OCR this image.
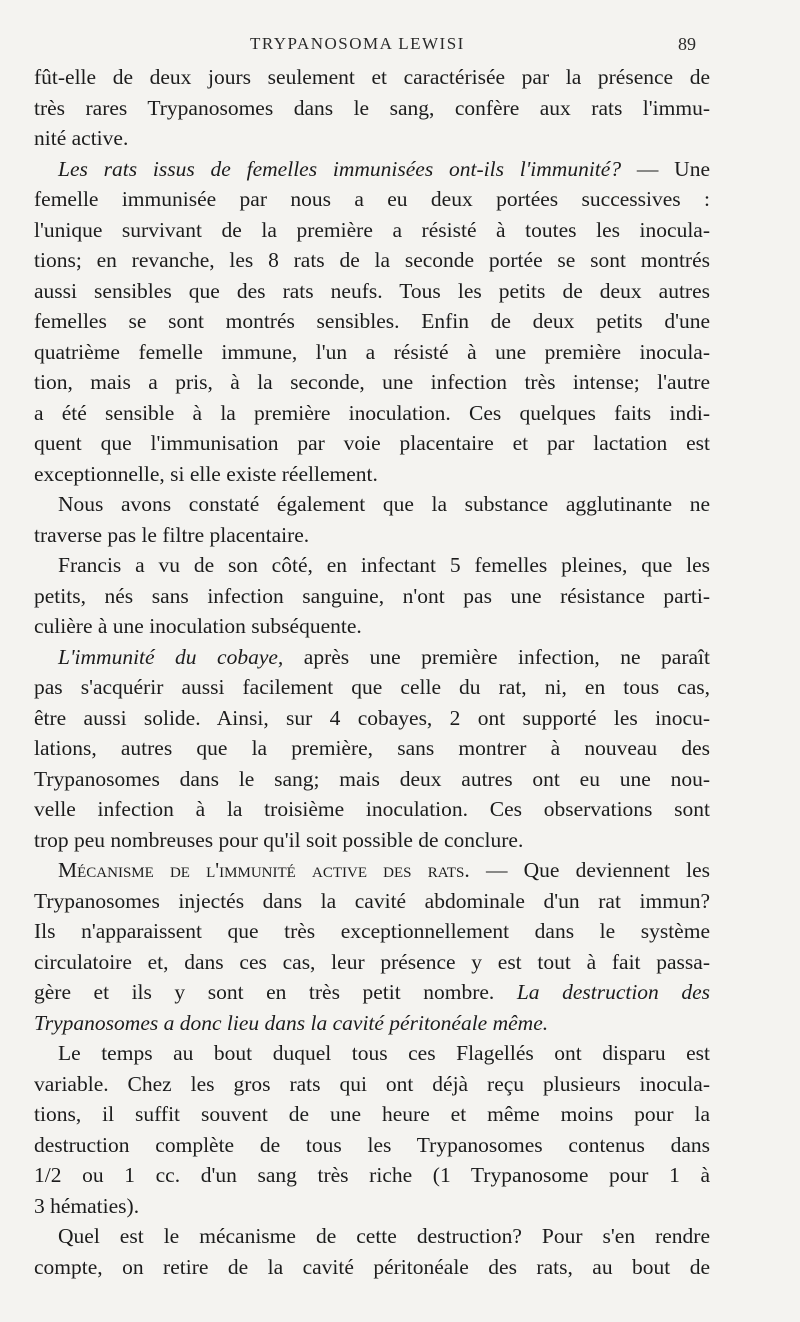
TRYPANOSOMA LEWISI	89
fût-elle de deux jours seulement et caractérisée par la présence de
très rares Trypanosomes dans le sang, confère aux rats l'immu-
nité active.
Les rats issus de femelles immunisées ont-ils l'immunité? — Une
femelle immunisée par nous a eu deux portées successives :
l'unique survivant de la première a résisté à toutes les inocula-
tions; en revanche, les 8 rats de la seconde portée se sont montrés
aussi sensibles que des rats neufs. Tous les petits de deux autres
femelles se sont montrés sensibles. Enfin de deux petits d'une
quatrième femelle immune, l'un a résisté à une première inocula-
tion, mais a pris, à la seconde, une infection très intense; l'autre
a été sensible à la première inoculation. Ces quelques faits indi-
quent que l'immunisation par voie placentaire et par lactation est
exceptionnelle, si elle existe réellement.
Nous avons constaté également que la substance agglutinante ne
traverse pas le filtre placentaire.
Francis a vu de son côté, en infectant 5 femelles pleines, que les
petits, nés sans infection sanguine, n'ont pas une résistance parti-
culière à une inoculation subséquente.
L'immunité du cobaye, après une première infection, ne paraît
pas s'acquérir aussi facilement que celle du rat, ni, en tous cas,
être aussi solide. Ainsi, sur 4 cobayes, 2 ont supporté les inocu-
lations, autres que la première, sans montrer à nouveau des
Trypanosomes dans le sang; mais deux autres ont eu une nou-
velle infection à la troisième inoculation. Ces observations sont
trop peu nombreuses pour qu'il soit possible de conclure.
Mécanisme de l'immunité active des rats. — Que deviennent les
Trypanosomes injectés dans la cavité abdominale d'un rat immun?
Ils n'apparaissent que très exceptionnellement dans le système
circulatoire et, dans ces cas, leur présence y est tout à fait passa-
gère et ils y sont en très petit nombre. La destruction des
Trypanosomes a donc lieu dans la cavité péritonéale même.
Le temps au bout duquel tous ces Flagellés ont disparu est
variable. Chez les gros rats qui ont déjà reçu plusieurs inocula-
tions, il suffit souvent de une heure et même moins pour la
destruction complète de tous les Trypanosomes contenus dans
1/2 ou 1 cc. d'un sang très riche (1 Trypanosome pour 1 à
3 hématies).
Quel est le mécanisme de cette destruction? Pour s'en rendre
compte, on retire de la cavité péritonéale des rats, au bout de
